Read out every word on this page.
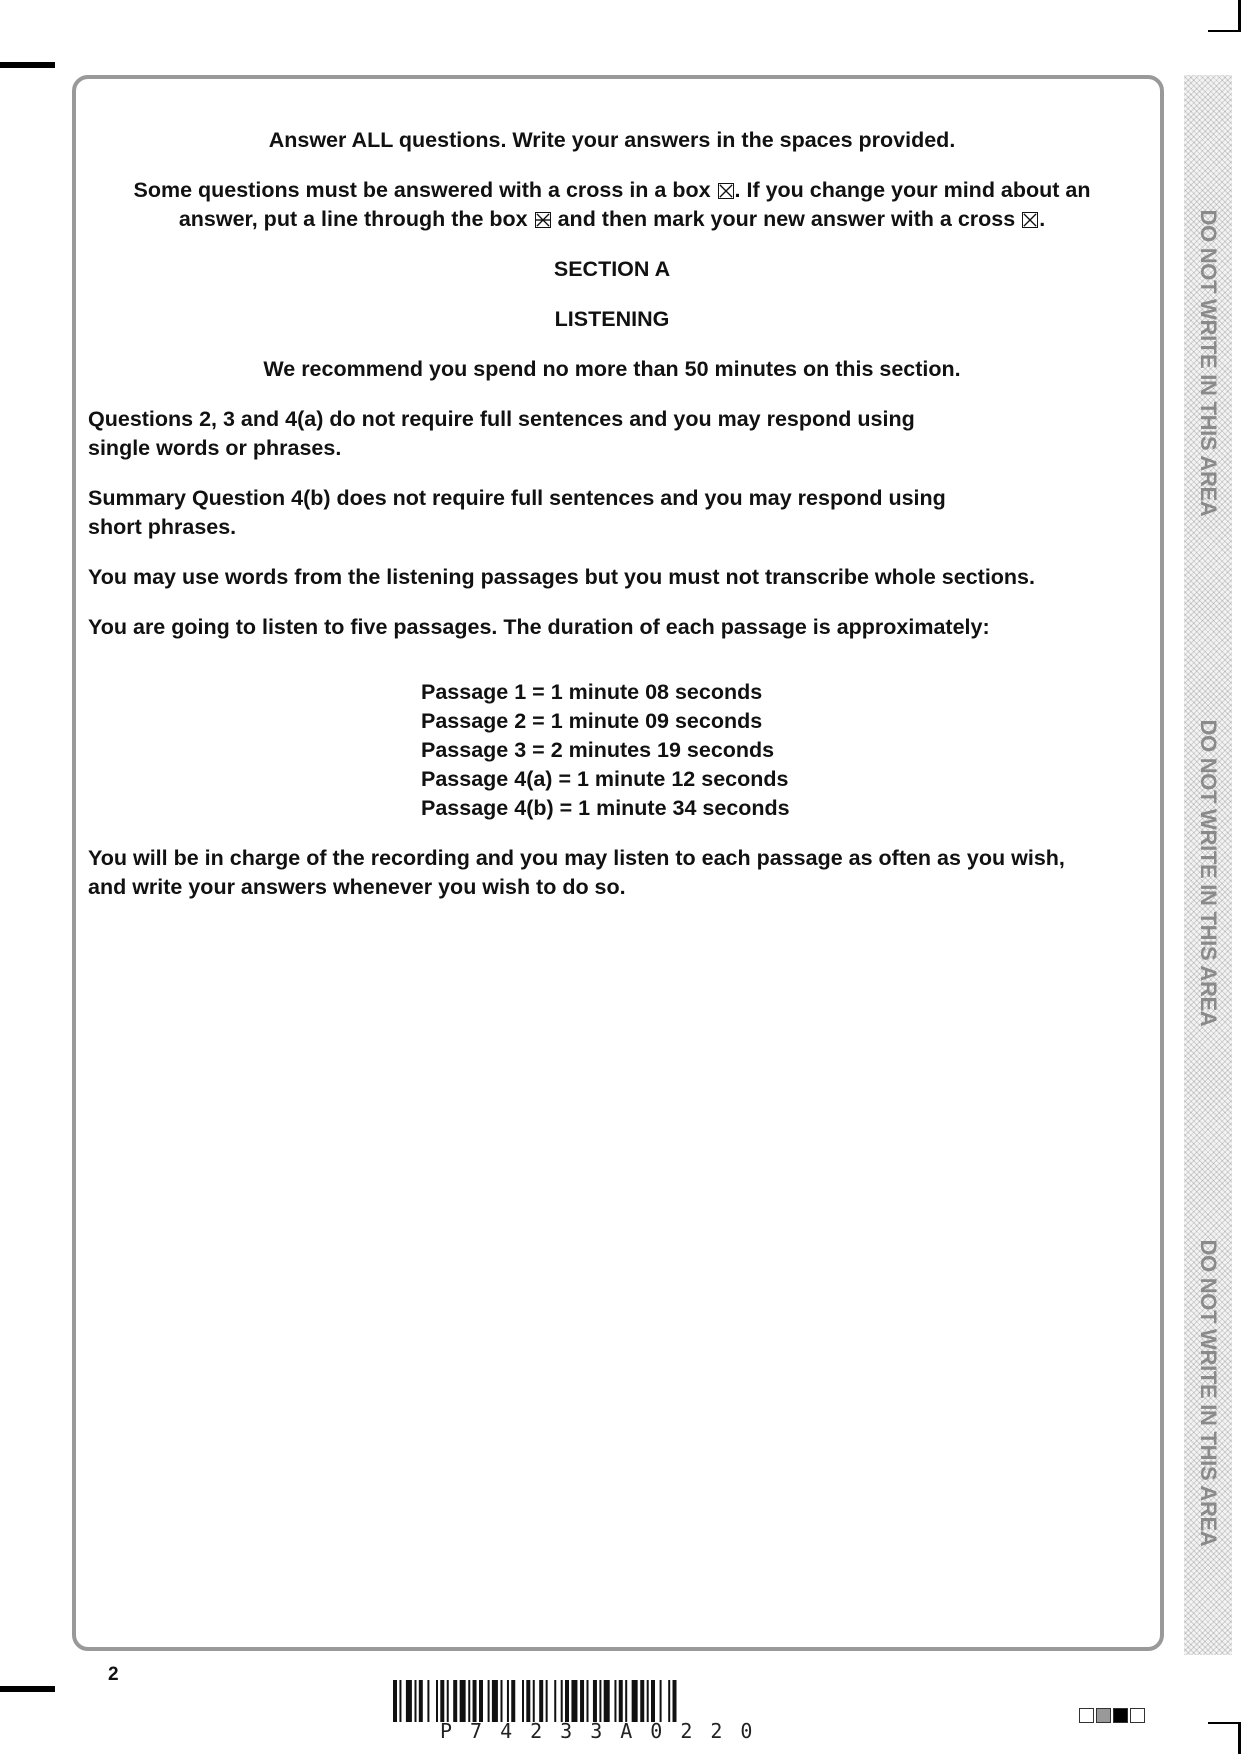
Answer ALL questions. Write your answers in the spaces provided.

Some questions must be answered with a cross in a box ☒. If you change your mind about an
answer, put a line through the box
and then mark your new answer with a cross ☒.

SECTION A

LISTENING

We recommend you spend no more than 50 minutes on this section.

Questions 2, 3 and 4(a) do not require full sentences and you may respond using
single words or phrases.

Summary Question 4(b) does not require full sentences and you may respond using
short phrases.

You may use words from the listening passages but you must not transcribe whole sections.

You are going to listen to five passages. The duration of each passage is approximately:

Passage 1 = 1 minute 08 seconds

Passage 2 = 1 minute 09 seconds

Passage 3 = 2 minutes 19 seconds

Passage 4(a) = 1 minute 12 seconds

Passage 4(b) = 1 minute 34 seconds

You will be in charge of the recording and you may listen to each passage as often as you wish,
and write your answers whenever you wish to do so.

DO NOT WRITE IN THIS AREA
DO NOT WRITE IN THIS AREA
DO NOT WRITE IN THIS AREA
2
P74233A0220
